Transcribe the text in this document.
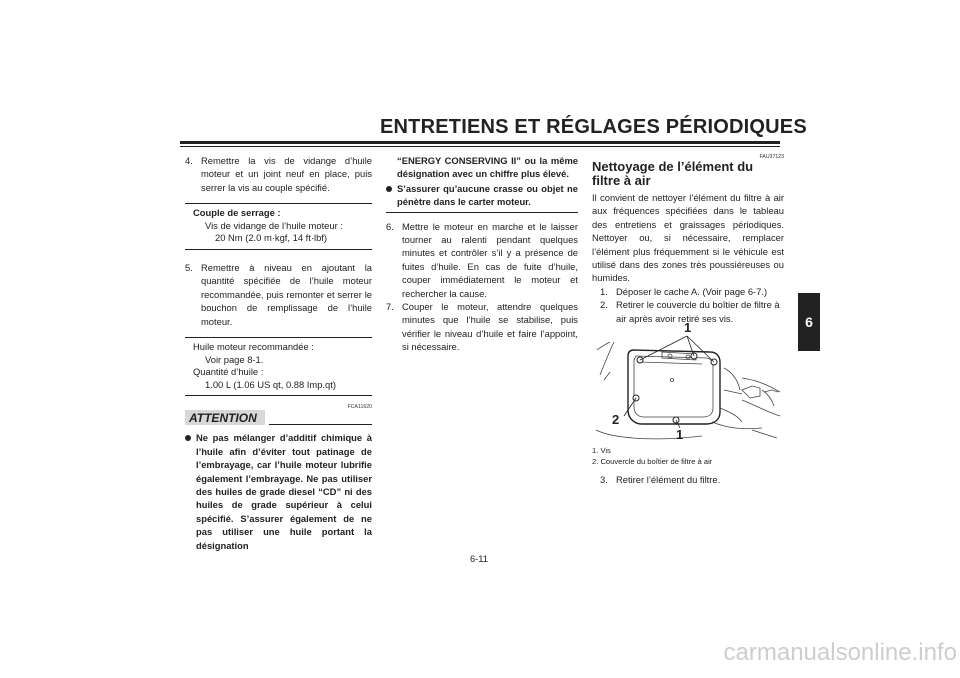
ENTRETIENS ET RÉGLAGES PÉRIODIQUES
6
4. Remettre la vis de vidange d’huile moteur et un joint neuf en place, puis serrer la vis au couple spécifié.
Couple de serrage :
Vis de vidange de l’huile moteur :
20 Nm (2.0 m·kgf, 14 ft·lbf)
5. Remettre à niveau en ajoutant la quantité spécifiée de l’huile moteur recommandée, puis remonter et serrer le bouchon de remplissage de l’huile moteur.
Huile moteur recommandée :
Voir page 8-1.
Quantité d’huile :
1.00 L (1.06 US qt, 0.88 Imp.qt)
FCA11620
ATTENTION
Ne pas mélanger d’additif chimique à l’huile afin d’éviter tout patinage de l’embrayage, car l’huile moteur lubrifie également l’embrayage. Ne pas utiliser des huiles de grade diesel “CD” ni des huiles de grade supérieur à celui spécifié. S’assurer également de ne pas utiliser une huile portant la désignation
“ENERGY CONSERVING II” ou la même désignation avec un chiffre plus élevé.
S’assurer qu’aucune crasse ou objet ne pénètre dans le carter moteur.
6. Mettre le moteur en marche et le laisser tourner au ralenti pendant quelques minutes et contrôler s’il y a présence de fuites d’huile. En cas de fuite d’huile, couper immédiatement le moteur et rechercher la cause.
7. Couper le moteur, attendre quelques minutes que l’huile se stabilise, puis vérifier le niveau d’huile et faire l’appoint, si nécessaire.
FAU37123
Nettoyage de l’élément du filtre à air
Il convient de nettoyer l’élément du filtre à air aux fréquences spécifiées dans le tableau des entretiens et graissages périodiques. Nettoyer ou, si nécessaire, remplacer l’élément plus fréquemment si le véhicule est utilisé dans des zones très poussiéreuses ou humides.
1. Déposer le cache A. (Voir page 6-7.)
2. Retirer le couvercle du boîtier de filtre à air après avoir retiré ses vis.
1
2
1
1. Vis
2. Couvercle du boîtier de filtre à air
3. Retirer l’élément du filtre.
6-11
carmanualsonline.info
